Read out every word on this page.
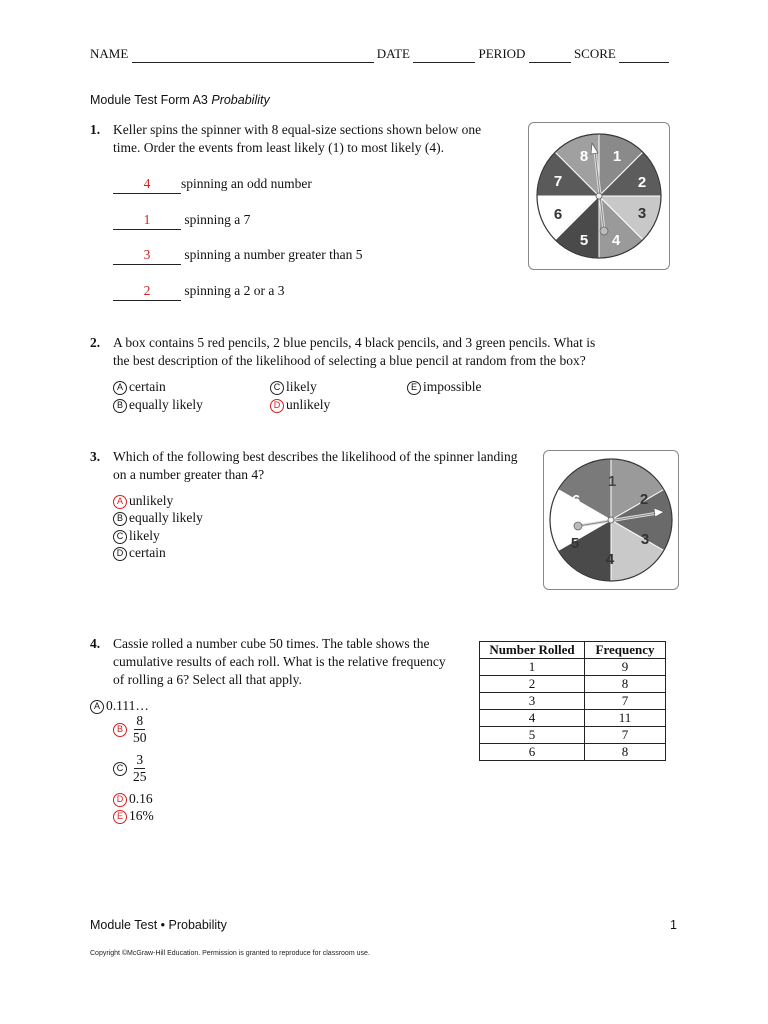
NAME	DATE	PERIOD	SCORE
Module Test Form A3 Probability
1. Keller spins the spinner with 8 equal-size sections shown below one
time. Order the events from least likely (1) to most likely (4).
4 spinning an odd number
1 spinning a 7
3 spinning a number greater than 5
2 spinning a 2 or a 3
1
2
3
4
5
6
7
8
2. A box contains 5 red pencils, 2 blue pencils, 4 black pencils, and 3 green pencils. What is
the best description of the likelihood of selecting a blue pencil at random from the box?
A certain	C likely	E impossible
B equally likely	D unlikely
3. Which of the following best describes the likelihood of the spinner landing
on a number greater than 4?
A unlikely
B equally likely
C likely
D certain
1
2
3
4
5
6
4. Cassie rolled a number cube 50 times. The table shows the
cumulative results of each roll. What is the relative frequency
of rolling a 6? Select all that apply.
Number Rolled	Frequency
1	9
2	8
3	7
4	11
5	7
6	8
A 0.111…
B $\frac{8}{50}$
C $\frac{3}{25}$
D 0.16
E 16%
Module Test • Probability	1
Copyright ©McGraw-Hill Education. Permission is granted to reproduce for classroom use.
